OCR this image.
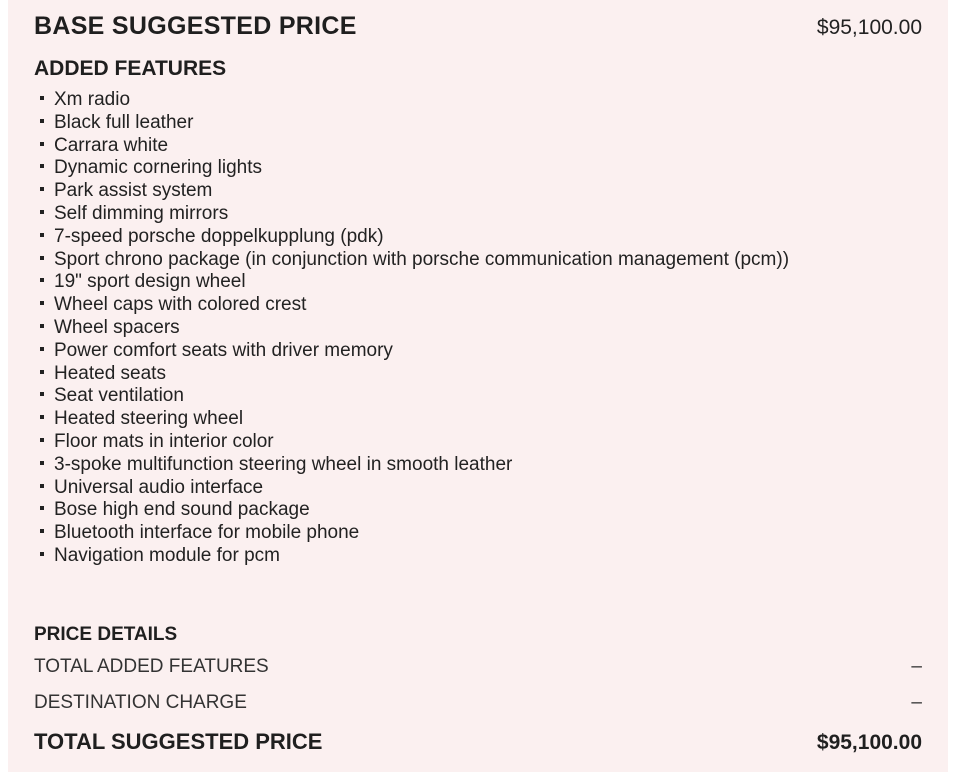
BASE SUGGESTED PRICE	$95,100.00
ADDED FEATURES
Xm radio
Black full leather
Carrara white
Dynamic cornering lights
Park assist system
Self dimming mirrors
7-speed porsche doppelkupplung (pdk)
Sport chrono package (in conjunction with porsche communication management (pcm))
19" sport design wheel
Wheel caps with colored crest
Wheel spacers
Power comfort seats with driver memory
Heated seats
Seat ventilation
Heated steering wheel
Floor mats in interior color
3-spoke multifunction steering wheel in smooth leather
Universal audio interface
Bose high end sound package
Bluetooth interface for mobile phone
Navigation module for pcm
PRICE DETAILS
TOTAL ADDED FEATURES	–
DESTINATION CHARGE	–
TOTAL SUGGESTED PRICE	$95,100.00
